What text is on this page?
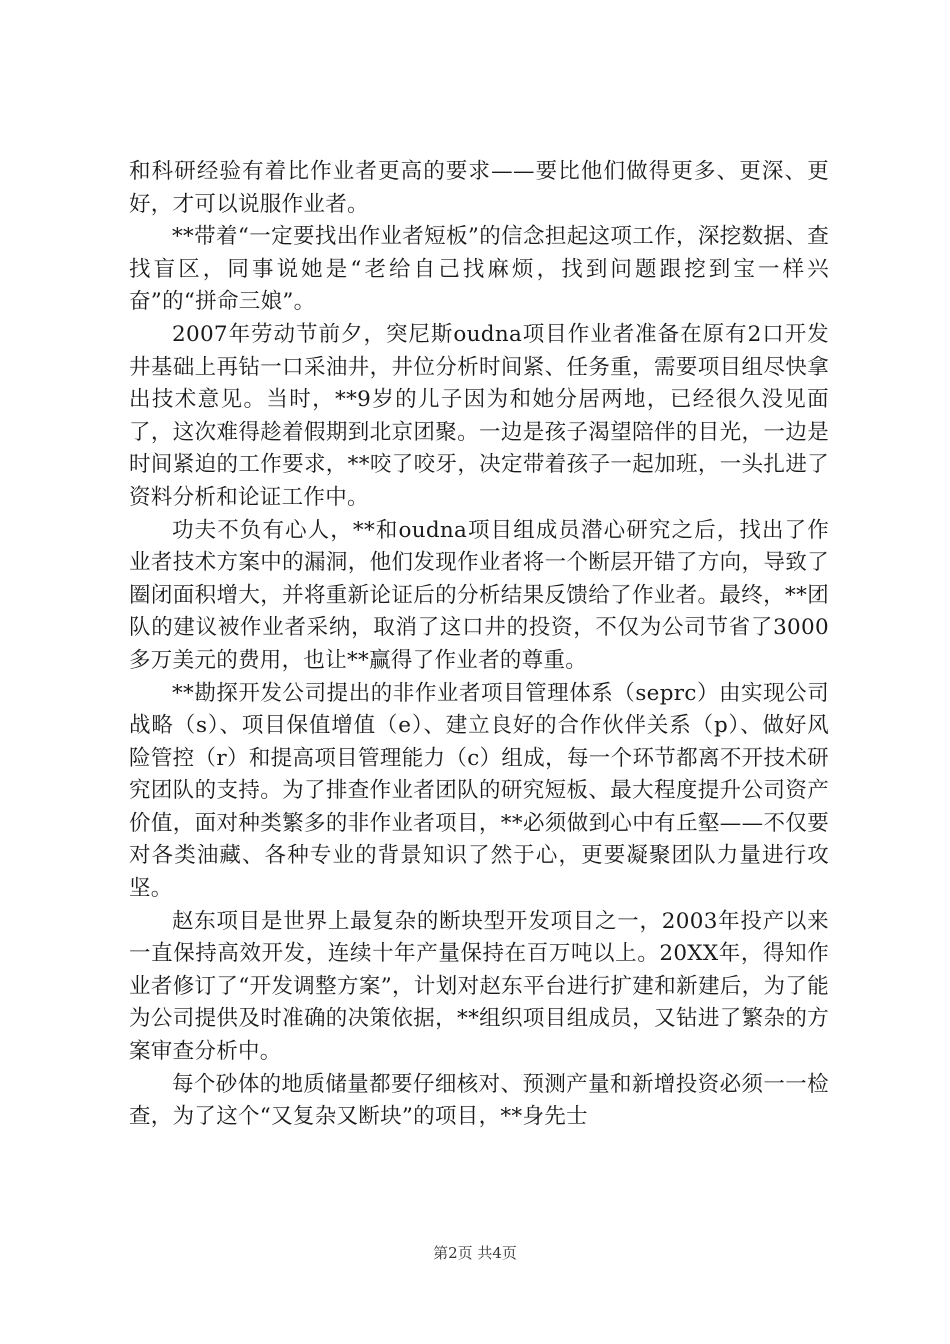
和科研经验有着比作业者更高的要求——要比他们做得更多、更深、更好，才可以说服作业者。

**带着“一定要找出作业者短板”的信念担起这项工作，深挖数据、查找盲区，同事说她是“老给自己找麻烦，找到问题跟挖到宝一样兴奋”的“拼命三娘”。

2007年劳动节前夕，突尼斯oudna项目作业者准备在原有2口开发井基础上再钻一口采油井，井位分析时间紧、任务重，需要项目组尽快拿出技术意见。当时，**9岁的儿子因为和她分居两地，已经很久没见面了，这次难得趁着假期到北京团聚。一边是孩子渴望陪伴的目光，一边是时间紧迫的工作要求，**咬了咬牙，决定带着孩子一起加班，一头扎进了资料分析和论证工作中。

功夫不负有心人，**和oudna项目组成员潜心研究之后，找出了作业者技术方案中的漏洞，他们发现作业者将一个断层开错了方向，导致了圈闭面积增大，并将重新论证后的分析结果反馈给了作业者。最终，**团队的建议被作业者采纳，取消了这口井的投资，不仅为公司节省了3000多万美元的费用，也让**赢得了作业者的尊重。

**勘探开发公司提出的非作业者项目管理体系（seprc）由实现公司战略（s）、项目保值增值（e）、建立良好的合作伙伴关系（p）、做好风险管控（r）和提高项目管理能力（c）组成，每一个环节都离不开技术研究团队的支持。为了排查作业者团队的研究短板、最大程度提升公司资产价值，面对种类繁多的非作业者项目，**必须做到心中有丘壑——不仅要对各类油藏、各种专业的背景知识了然于心，更要凝聚团队力量进行攻坚。

赵东项目是世界上最复杂的断块型开发项目之一，2003年投产以来一直保持高效开发，连续十年产量保持在百万吨以上。20XX年，得知作业者修订了“开发调整方案”，计划对赵东平台进行扩建和新建后，为了能为公司提供及时准确的决策依据，**组织项目组成员，又钻进了繁杂的方案审查分析中。

每个砂体的地质储量都要仔细核对、预测产量和新增投资必须一一检查，为了这个“又复杂又断块”的项目，**身先士

第2页 共4页
